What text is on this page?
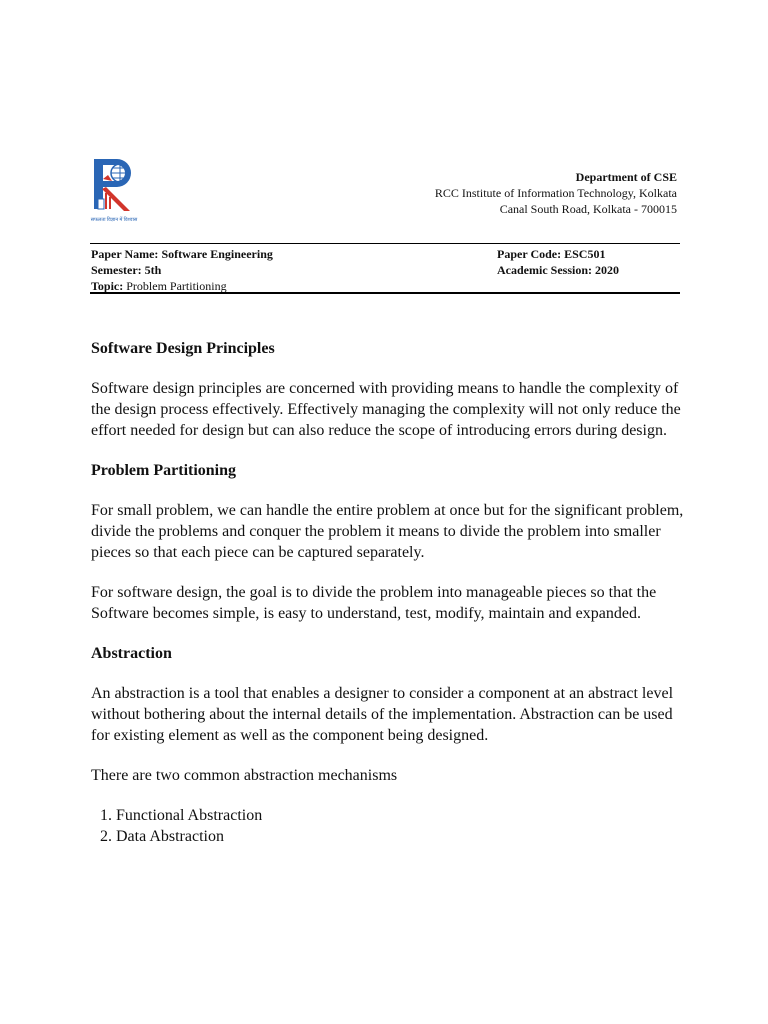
सफलता विज्ञान में विश्वास
Department of CSE
RCC Institute of Information Technology, Kolkata
Canal South Road, Kolkata - 700015
Paper Name: Software Engineering
Semester: 5th
Topic: Problem Partitioning
Paper Code: ESC501
Academic Session: 2020
Software Design Principles

Software design principles are concerned with providing means to handle the complexity of the design process effectively. Effectively managing the complexity will not only reduce the effort needed for design but can also reduce the scope of introducing errors during design.

Problem Partitioning

For small problem, we can handle the entire problem at once but for the significant problem, divide the problems and conquer the problem it means to divide the problem into smaller pieces so that each piece can be captured separately.

For software design, the goal is to divide the problem into manageable pieces so that the Software becomes simple, is easy to understand, test, modify, maintain and expanded.

Abstraction

An abstraction is a tool that enables a designer to consider a component at an abstract level without bothering about the internal details of the implementation. Abstraction can be used for existing element as well as the component being designed.

There are two common abstraction mechanisms

1. Functional Abstraction
2. Data Abstraction
